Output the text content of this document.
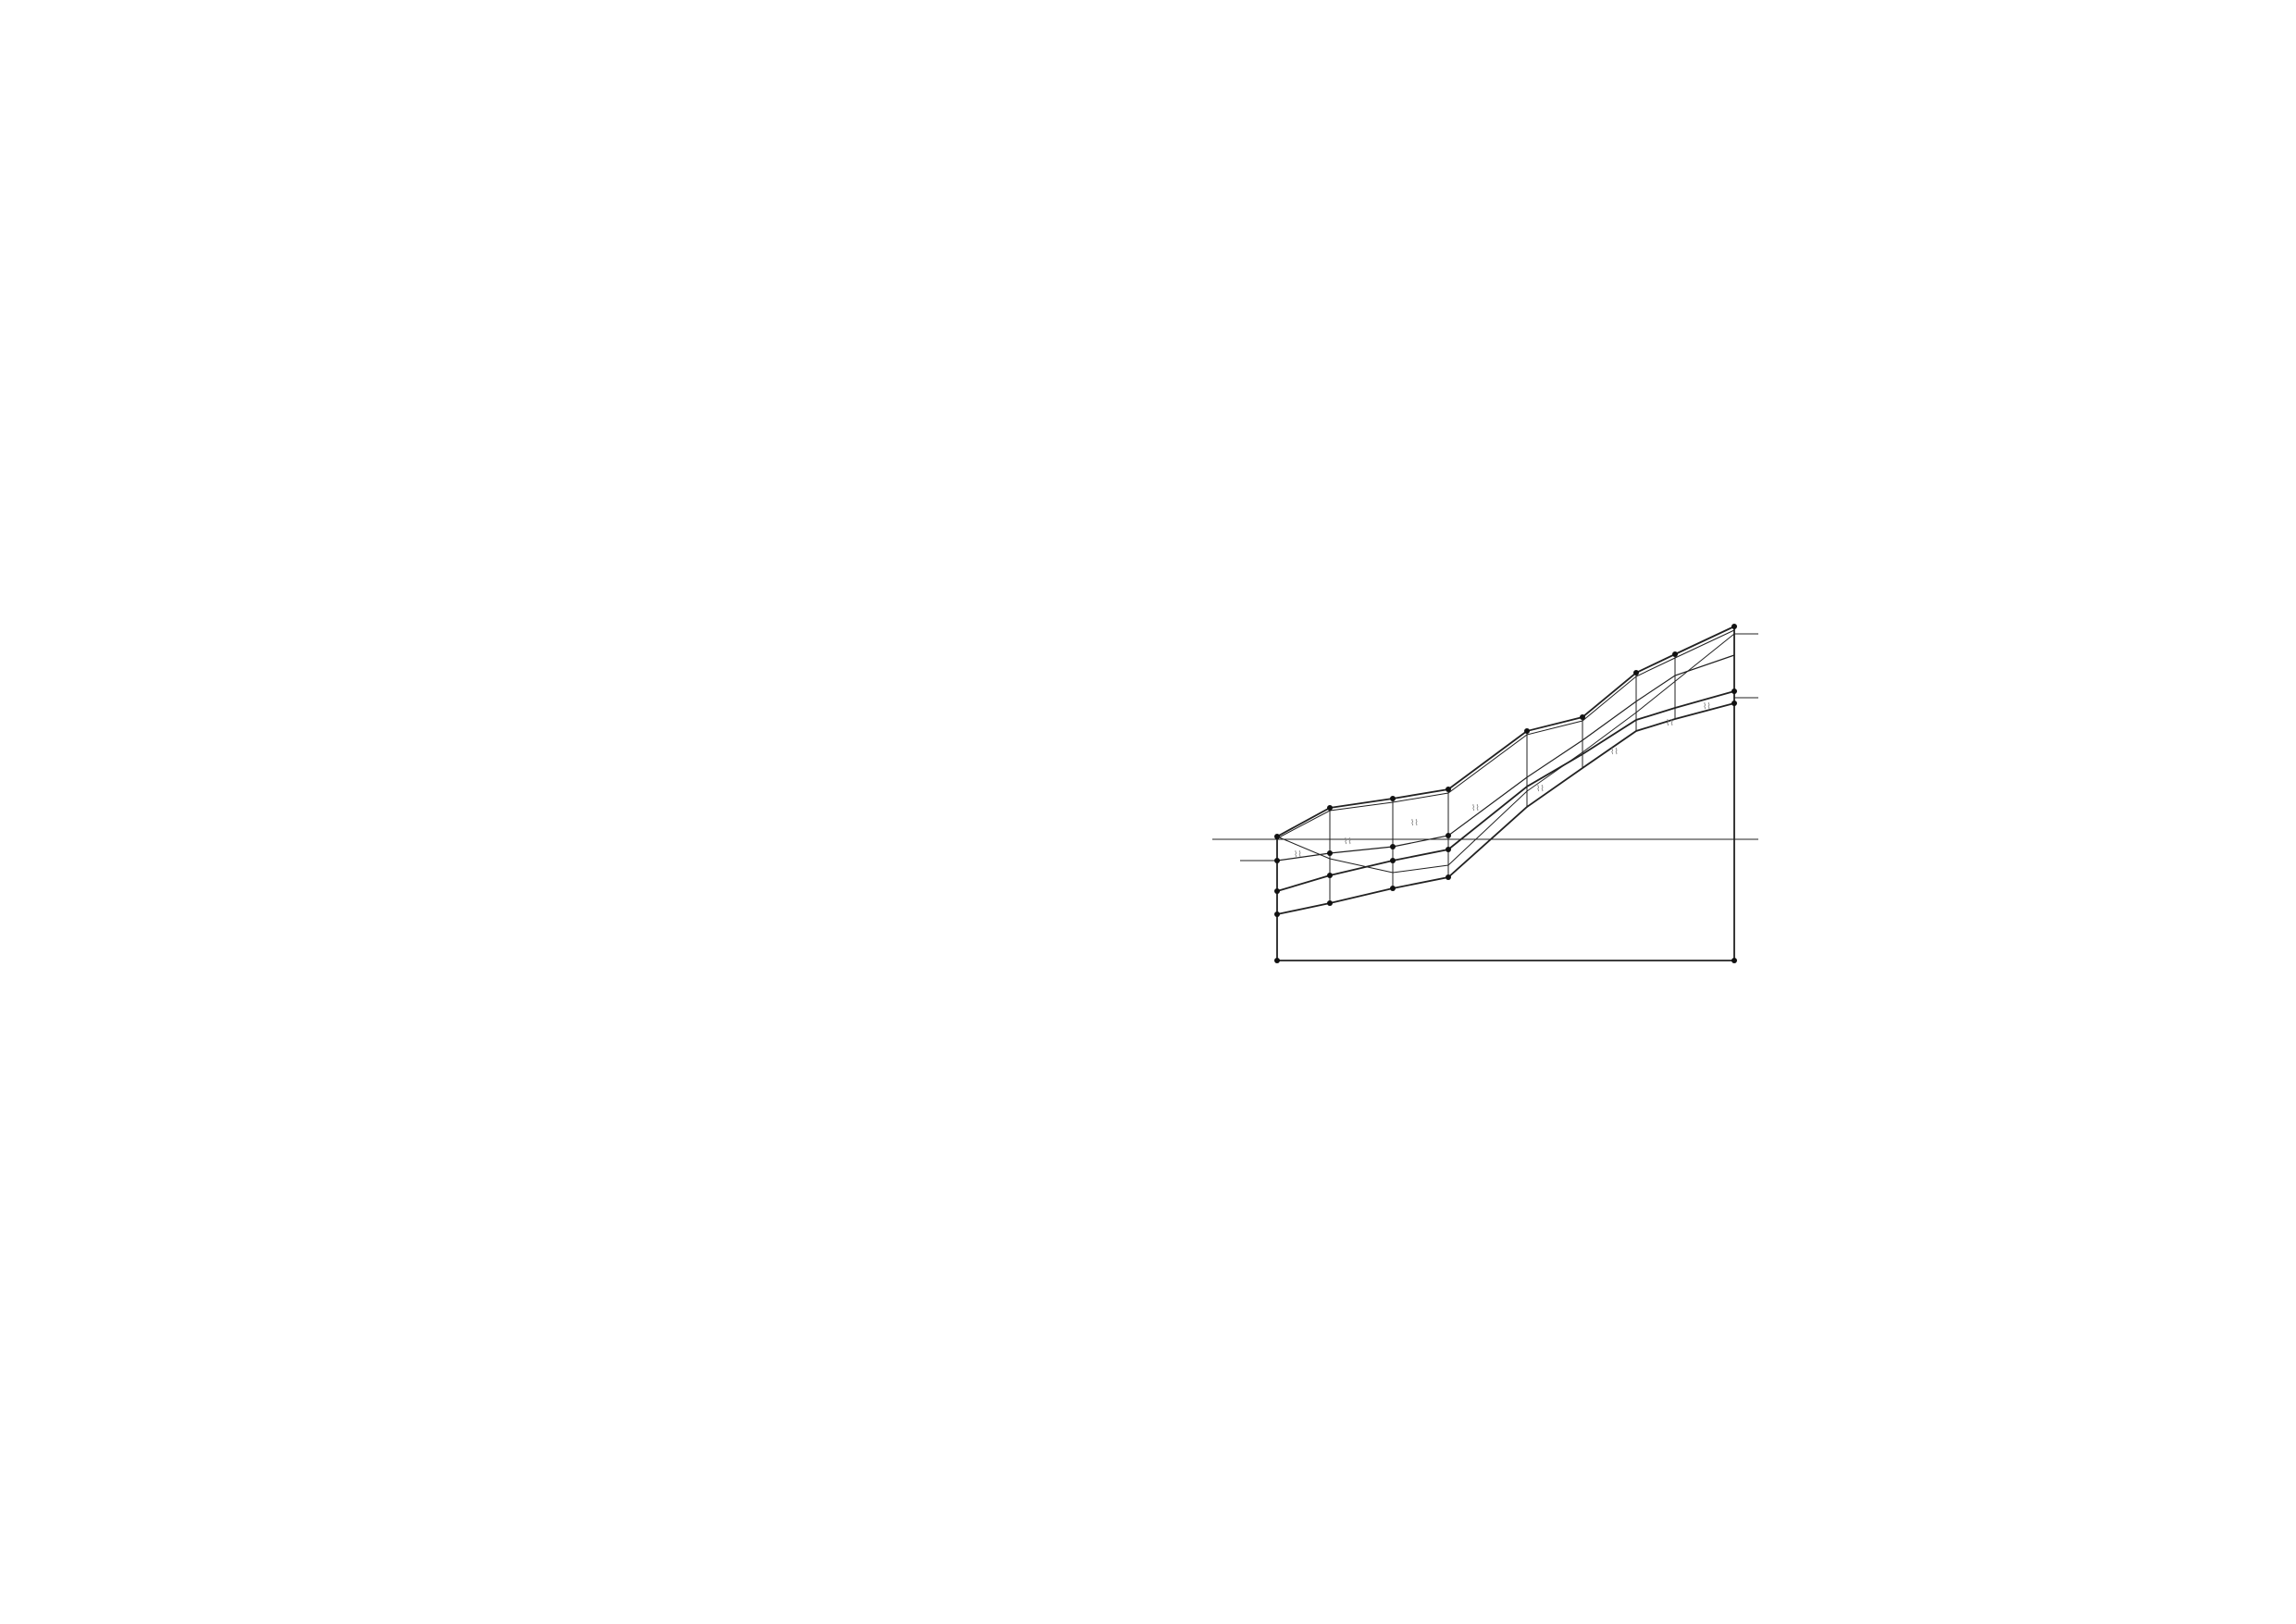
⌇⌇
⌇⌇
⌇⌇
⌇⌇
⌇⌇
⌇⌇
⌇⌇
⌇⌇
